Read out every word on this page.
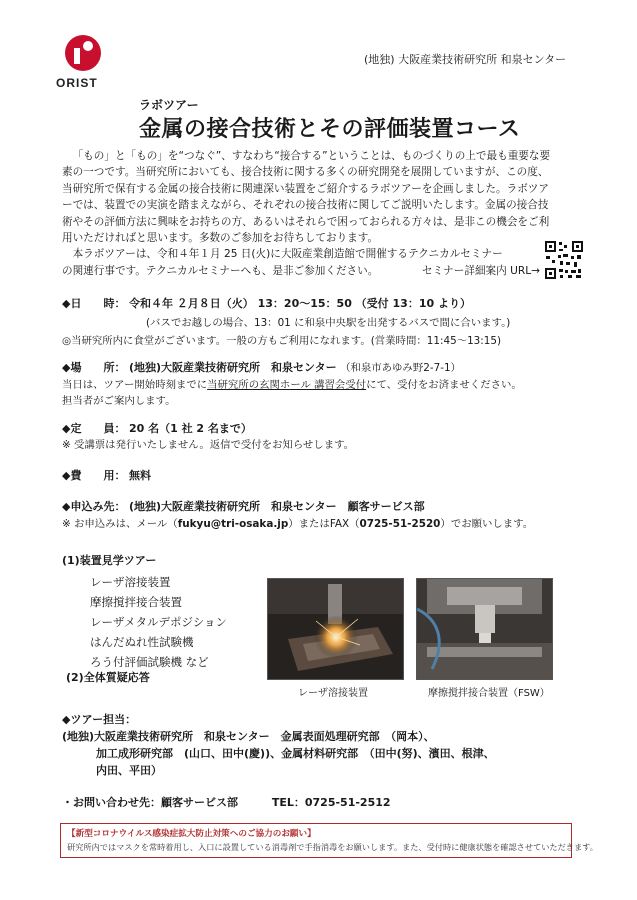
ORIST
(地独) 大阪産業技術研究所 和泉センター
ラボツアー
金属の接合技術とその評価装置コース

「もの」と「もの」を“つなぐ”、すなわち“接合する”ということは、ものづくりの上で最も重要な要

素の一つです。当研究所においても、接合技術に関する多くの研究開発を展開していますが、この度、

当研究所で保有する金属の接合技術に関連深い装置をご紹介するラボツアーを企画しました。ラボツア

ーでは、装置での実演を踏まえながら、それぞれの接合技術に関してご説明いたします。金属の接合技

術やその評価方法に興味をお持ちの方、あるいはそれらで困っておられる方々は、是非この機会をご利

用いただければと思います。多数のご参加をお待ちしております。

本ラボツアーは、令和４年１月 25 日(火)に大阪産業創造館で開催するテクニカルセミナー

の関連行事です。テクニカルセミナーへも、是非ご参加ください。	セミナー詳細案内 URL→
◆日　　時： 令和４年 ２月８日（火） 13：20～15：50 （受付 13：10 より）
(バスでお越しの場合、13：01 に和泉中央駅を出発するバスで間に合います。)
◎当研究所内に食堂がございます。一般の方もご利用になれます。(営業時間：11:45～13:15)
◆場　　所： (地独)大阪産業技術研究所　和泉センター （和泉市あゆみ野2-7-1）
当日は、ツアー開始時刻までに当研究所の玄関ホール 講習会受付にて、受付をお済ませください。
担当者がご案内します。
◆定　　員： 20 名（1 社 2 名まで）
※ 受講票は発行いたしません。返信で受付をお知らせします。
◆費　　用： 無料
◆申込み先： (地独)大阪産業技術研究所　和泉センター　顧客サービス部
※ お申込みは、メール（fukyu@tri-osaka.jp）またはFAX（0725-51-2520）でお願いします。
(1)装置見学ツアー
レーザ溶接装置
摩擦撹拌接合装置
レーザメタルデポジション
はんだぬれ性試験機
ろう付評価試験機 など
(2)全体質疑応答
レーザ溶接装置	摩擦撹拌接合装置（FSW）
◆ツアー担当：
(地独)大阪産業技術研究所　和泉センター　金属表面処理研究部　（岡本）、
加工成形研究部　(山口、田中(慶))、金属材料研究部　（田中(努)、濱田、根津、
内田、平田）
・お問い合わせ先：顧客サービス部	TEL：0725-51-2512
【新型コロナウイルス感染症拡大防止対策へのご協力のお願い】
研究所内ではマスクを常時着用し、入口に設置している消毒剤で手指消毒をお願いします。また、受付時に健康状態を確認させていただきます。
